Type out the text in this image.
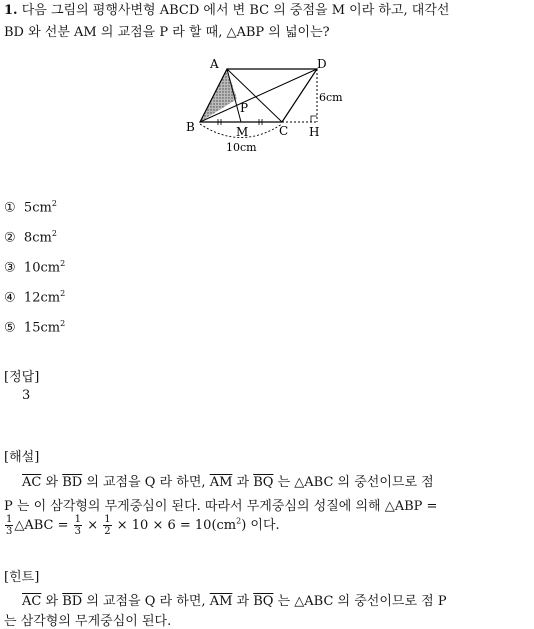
1. 다음 그림의 평행사변형 ABCD 에서 변 BC 의 중점을 M 이라 하고, 대각선
BD 와 선분 AM 의 교점을 P 라 할 때, △ABP 의 넓이는?
A	D
B	C
M
P
H
6cm
10cm
① $5cm^2$
② $8cm^2$
③ $10cm^2$
④ $12cm^2$
⑤ $15cm^2$
[정답]
3
[해설]
$\overline{AC}$ 와 $\overline{BD}$ 의 교점을 Q 라 하면, $\overline{AM}$ 과 $\overline{BQ}$ 는 △ABC 의 중선이므로 점
P 는 이 삼각형의 무게중심이 된다. 따라서 무게중심의 성질에 의해 △ABP =
$\frac{1}{3}$ △ABC = $\frac{1}{3} \times \frac{1}{2} \times 10 \times 6 = 10(cm^2)$ 이다.
[힌트]
$\overline{AC}$ 와 $\overline{BD}$ 의 교점을 Q 라 하면, $\overline{AM}$ 과 $\overline{BQ}$ 는 △ABC 의 중선이므로 점 P
는 삼각형의 무게중심이 된다.
